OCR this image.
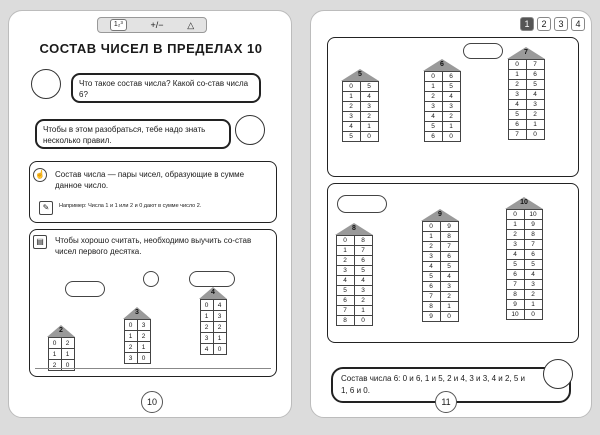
1₂³	+/−	△
СОСТАВ ЧИСЕЛ В ПРЕДЕЛАХ 10
Что такое состав числа? Какой со-став числа 6?
Чтобы в этом разобраться, тебе надо знать несколько правил.
☝ Состав числа — пары чисел, образующие в сумме данное число.
✎	Например: Числа 1 и 1 или 2 и 0 дают в сумме число 2.
▤	Чтобы хорошо считать, необходимо выучить со-став чисел первого десятка.
2
0	2
1	1
2	0
3
0	3
1	2
2	1
3	0
4
0	4
1	3
2	2
3	1
4	0
10
1	2	3	4
5
0	5
1	4
2	3
3	2
4	1
5	0
6
0	6
1	5
2	4
3	3
4	2
5	1
6	0
7
0	7
1	6
2	5
3	4
4	3
5	2
6	1
7	0
8
0	8
1	7
2	6
3	5
4	4
5	3
6	2
7	1
8	0
9
0	9
1	8
2	7
3	6
4	5
5	4
6	3
7	2
8	1
9	0
10
0	10
1	9
2	8
3	7
4	6
5	5
6	4
7	3
8	2
9	1
10	0
Состав числа 6: 0 и 6, 1 и 5, 2 и 4, 3 и 3, 4 и 2, 5 и 1, 6 и 0.
11
